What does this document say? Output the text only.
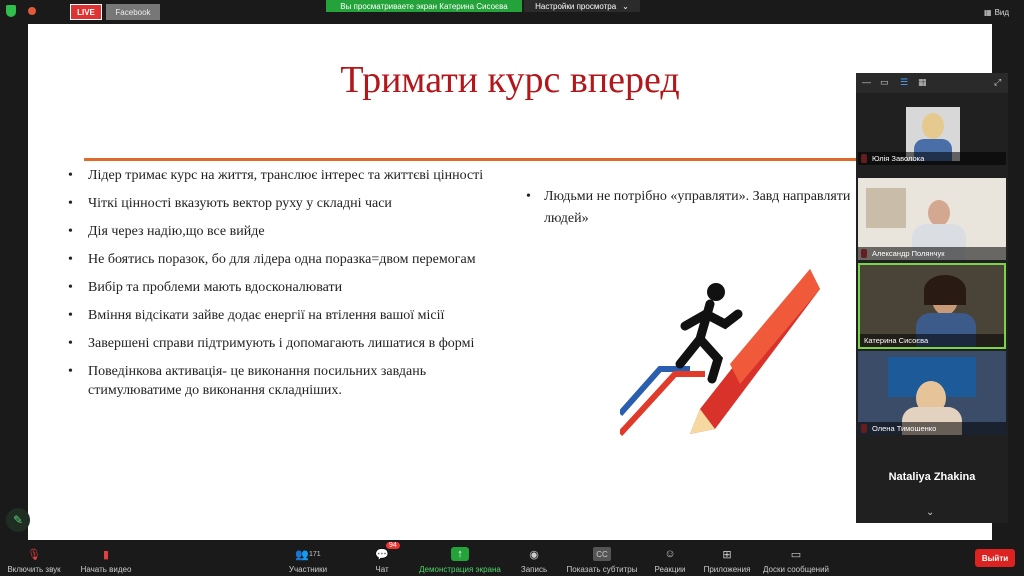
LIVE	Facebook
Вы просматриваете экран Катерина Сисоєва	Настройки просмотра ⌄
▦ Вид
Тримати курс вперед
• Лідер тримає курс на життя, транслює інтерес та життєві цінності
• Чіткі цінності вказують вектор руху у складні часи
• Дія через надію,що все вийде
• Не боятись поразок, бо для лідера одна поразка=двом перемогам
• Вибір та проблеми мають вдосконалювати
• Вміння відсікати зайве додає енергії на втілення вашої місії
• Завершені справи підтримують і допомагають лишатися в формі
• Поведінкова активація- це виконання посильних завдань стимулюватиме до виконання складніших.
• Людьми не потрібно «управляти». Завд направляти людей»
✎
— ▭ ☰ ▦	⤢
Юлія Заволока
Александр Полянчук
Катерина Сисоєва
Олена Тимошенко
Nataliya Zhakina
⌄
🎙
Включить звук
▮
Начать видео
👥 171
Участники
94
💬
Чат
↑
Демонстрация экрана
◉
Запись
CC
Показать субтитры
☺
Реакции
⊞
Приложения
▭
Доски сообщений
Выйти
